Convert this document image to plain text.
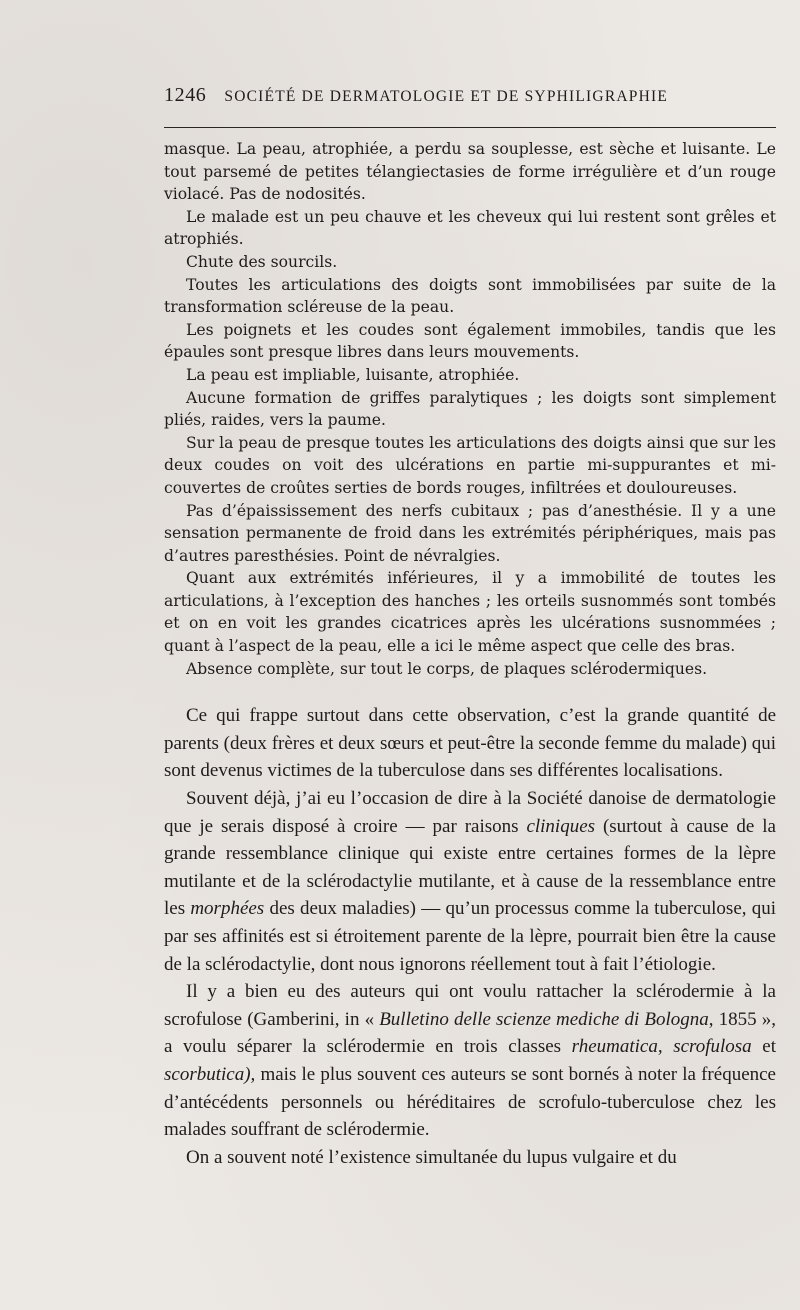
1246 SOCIÉTÉ DE DERMATOLOGIE ET DE SYPHILIGRAPHIE

masque. La peau, atrophiée, a perdu sa souplesse, est sèche et luisante. Le tout parsemé de petites télangiectasies de forme irrégulière et d’un rouge violacé. Pas de nodosités.

Le malade est un peu chauve et les cheveux qui lui restent sont grêles et atrophiés.

Chute des sourcils.

Toutes les articulations des doigts sont immobilisées par suite de la transformation scléreuse de la peau.

Les poignets et les coudes sont également immobiles, tandis que les épaules sont presque libres dans leurs mouvements.

La peau est impliable, luisante, atrophiée.

Aucune formation de griffes paralytiques ; les doigts sont simplement pliés, raides, vers la paume.

Sur la peau de presque toutes les articulations des doigts ainsi que sur les deux coudes on voit des ulcérations en partie mi-suppurantes et mi-couvertes de croûtes serties de bords rouges, infiltrées et douloureuses.

Pas d’épaississement des nerfs cubitaux ; pas d’anesthésie. Il y a une sensation permanente de froid dans les extrémités périphériques, mais pas d’autres paresthésies. Point de névralgies.

Quant aux extrémités inférieures, il y a immobilité de toutes les articulations, à l’exception des hanches ; les orteils susnommés sont tombés et on en voit les grandes cicatrices après les ulcérations susnommées ; quant à l’aspect de la peau, elle a ici le même aspect que celle des bras.

Absence complète, sur tout le corps, de plaques sclérodermiques.

Ce qui frappe surtout dans cette observation, c’est la grande quantité de parents (deux frères et deux sœurs et peut-être la seconde femme du malade) qui sont devenus victimes de la tuberculose dans ses différentes localisations.

Souvent déjà, j’ai eu l’occasion de dire à la Société danoise de dermatologie que je serais disposé à croire — par raisons cliniques (surtout à cause de la grande ressemblance clinique qui existe entre certaines formes de la lèpre mutilante et de la sclérodactylie mutilante, et à cause de la ressemblance entre les morphées des deux maladies) — qu’un processus comme la tuberculose, qui par ses affinités est si étroitement parente de la lèpre, pourrait bien être la cause de la sclérodactylie, dont nous ignorons réellement tout à fait l’étiologie.

Il y a bien eu des auteurs qui ont voulu rattacher la sclérodermie à la scrofulose (Gamberini, in « Bulletino delle scienze mediche di Bologna, 1855 », a voulu séparer la sclérodermie en trois classes rheumatica, scrofulosa et scorbutica), mais le plus souvent ces auteurs se sont bornés à noter la fréquence d’antécédents personnels ou héréditaires de scrofulo-tuberculose chez les malades souffrant de sclérodermie.

On a souvent noté l’existence simultanée du lupus vulgaire et du
